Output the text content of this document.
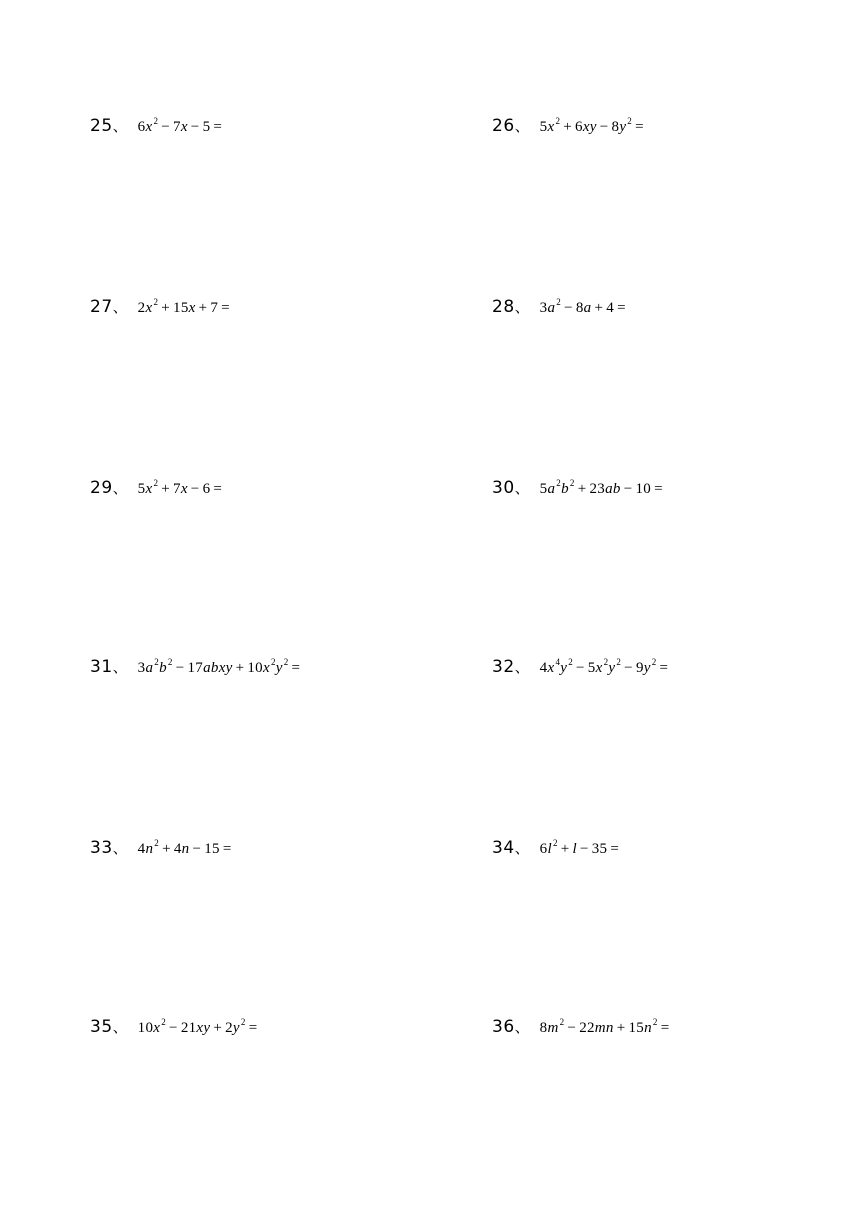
25 、 $6x^2 - 7x - 5$ =	26 、 $5x^2 + 6xy - 8y^2$ =
27 、 $2x^2 + 15x + 7$ =	28 、 $3a^2 - 8a + 4$ =
29 、 $5x^2 + 7x - 6$ =	30 、 $5a^2b^2 + 23ab - 10$ =
31 、 $3a^2b^2$ − 17abxy + $10x^2y^2$ =	32 、 $4x^4y^2 - 5x^2y^2 - 9y^2$ =
33 、 $4n^2 + 4n - 15$ =	34 、 $6l^2 + l - 35$ =
35 、 $10x^2 - 21xy + 2y^2$ =	36 、 $8m^2 - 22mn + 15n^2$ =
